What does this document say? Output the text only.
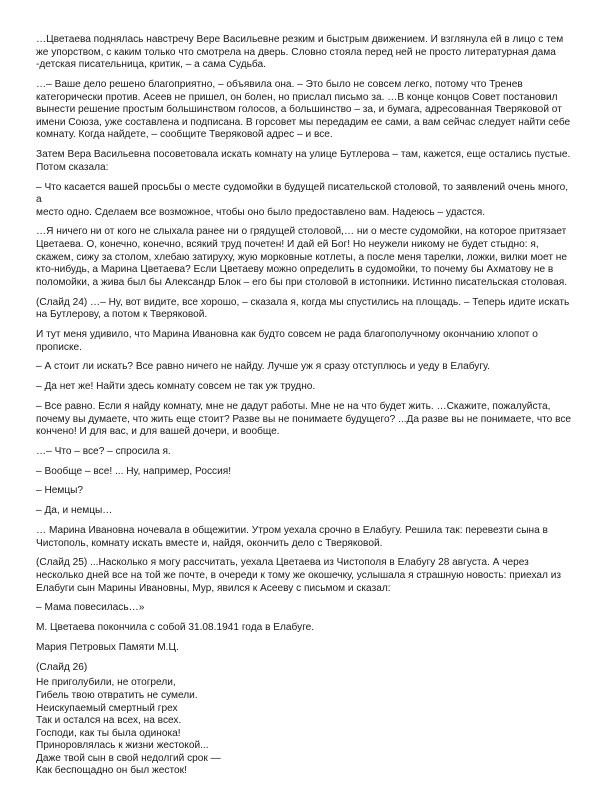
…Цветаева поднялась навстречу Вере Васильевне резким и быстрым движением. И взглянула ей в лицо с тем
же упорством, с каким только что смотрела на дверь. Словно стояла перед ней не просто литературная дама
-детская писательница, критик, – а сама Судьба.

…– Ваше дело решено благоприятно, – объявила она. – Это было не совсем легко, потому что Тренев
категорически против. Асеев не пришел, он болен, но прислал письмо за. …В конце концов Совет постановил
вынести решение простым большинством голосов, а большинство – за, и бумага, адресованная Тверяковой от
имени Союза, уже составлена и подписана. В горсовет мы передадим ее сами, а вам сейчас следует найти себе
комнату. Когда найдете, – сообщите Тверяковой адрес – и все.

Затем Вера Васильевна посоветовала искать комнату на улице Бутлерова – там, кажется, еще остались пустые.
Потом сказала:

– Что касается вашей просьбы о месте судомойки в будущей писательской столовой, то заявлений очень много, а
место одно. Сделаем все возможное, чтобы оно было предоставлено вам. Надеюсь – удастся.

…Я ничего ни от кого не слыхала ранее ни о грядущей столовой,… ни о месте судомойки, на которое притязает
Цветаева. О, конечно, конечно, всякий труд почетен! И дай ей Бог! Но неужели никому не будет стыдно: я,
скажем, сижу за столом, хлебаю затируху, жую морковные котлеты, а после меня тарелки, ложки, вилки моет не
кто-нибудь, а Марина Цветаева? Если Цветаеву можно определить в судомойки, то почему бы Ахматову не в
поломойки, а жива был бы Александр Блок – его бы при столовой в истопники. Истинно писательская столовая.

(Слайд 24) …– Ну, вот видите, все хорошо, – сказала я, когда мы спустились на площадь. – Теперь идите искать
на Бутлерову, а потом к Тверяковой.

И тут меня удивило, что Марина Ивановна как будто совсем не рада благополучному окончанию хлопот о
прописке.

– А стоит ли искать? Все равно ничего не найду. Лучше уж я сразу отступлюсь и уеду в Елабугу.

– Да нет же! Найти здесь комнату совсем не так уж трудно.

– Все равно. Если я найду комнату, мне не дадут работы. Мне не на что будет жить. …Скажите, пожалуйста,
почему вы думаете, что жить еще стоит? Разве вы не понимаете будущего? ...Да разве вы не понимаете, что все
кончено! И для вас, и для вашей дочери, и вообще.

…– Что – все? – спросила я.

– Вообще – все! ... Ну, например, Россия!

– Немцы?

– Да, и немцы…

… Марина Ивановна ночевала в общежитии. Утром уехала срочно в Елабугу. Решила так: перевезти сына в
Чистополь, комнату искать вместе и, найдя, окончить дело с Тверяковой.

(Слайд 25) ...Насколько я могу рассчитать, уехала Цветаева из Чистополя в Елабугу 28 августа. А через
несколько дней все на той же почте, в очереди к тому же окошечку, услышала я страшную новость: приехал из
Елабуги сын Марины Ивановны, Мур, явился к Асееву с письмом и сказал:

– Мама повесилась…»

М. Цветаева покончила с собой 31.08.1941 года в Елабуге.

Мария Петровых Памяти М.Ц.

(Слайд 26)

Не приголубили, не отогрели,
Гибель твою отвратить не сумели.
Неискупаемый смертный грех
Так и остался на всех, на всех.
Господи, как ты была одинока!
Приноровлялась к жизни жестокой...
Даже твой сын в свой недолгий срок —
Как беспощадно он был жесток!
